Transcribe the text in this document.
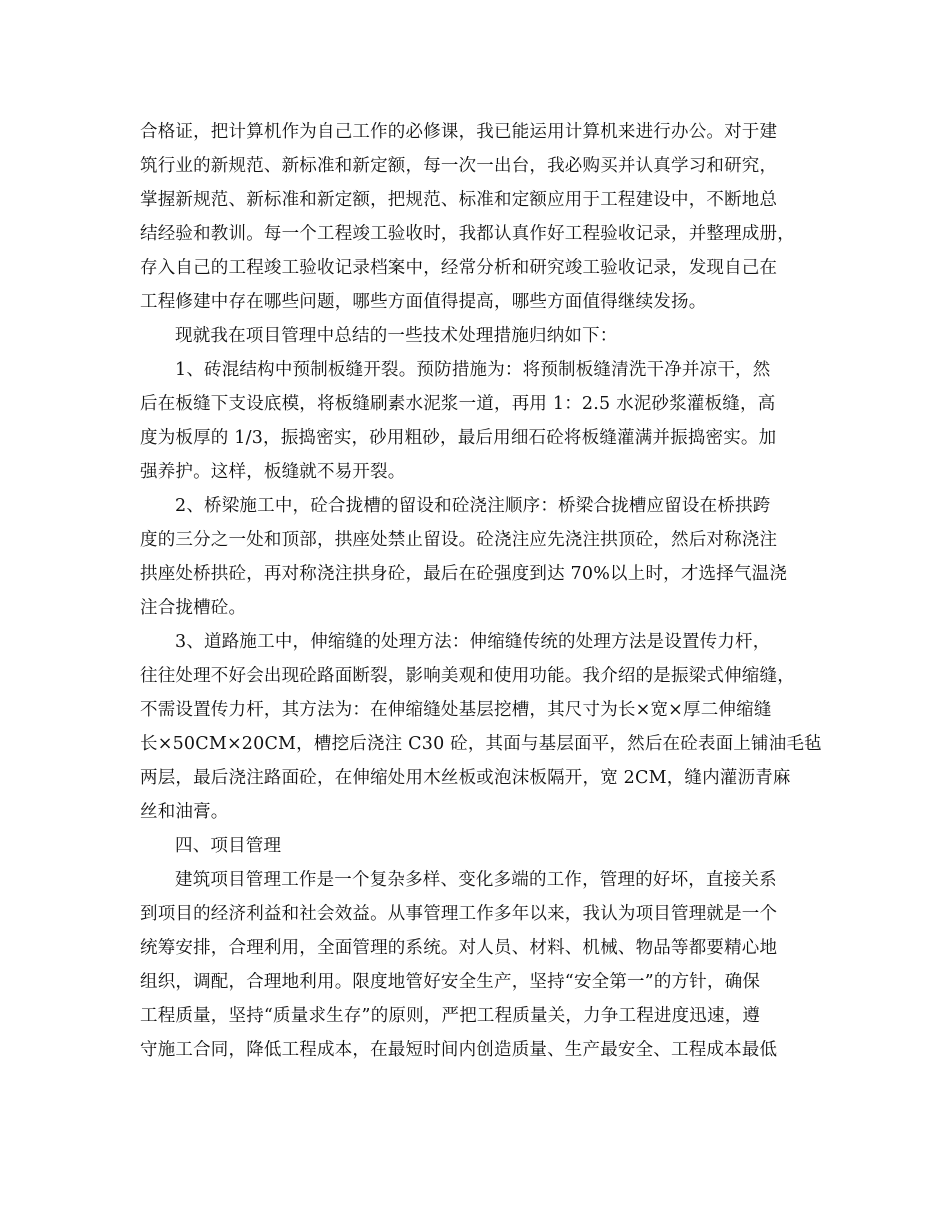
合格证，把计算机作为自己工作的必修课，我已能运用计算机来进行办公。对于建
筑行业的新规范、新标准和新定额，每一次一出台，我必购买并认真学习和研究，
掌握新规范、新标准和新定额，把规范、标准和定额应用于工程建设中，不断地总
结经验和教训。每一个工程竣工验收时，我都认真作好工程验收记录，并整理成册，
存入自己的工程竣工验收记录档案中，经常分析和研究竣工验收记录，发现自己在
工程修建中存在哪些问题，哪些方面值得提高，哪些方面值得继续发扬。
现就我在项目管理中总结的一些技术处理措施归纳如下：
1、砖混结构中预制板缝开裂。预防措施为：将预制板缝清洗干净并凉干，然
后在板缝下支设底模，将板缝刷素水泥浆一道，再用 1：2.5 水泥砂浆灌板缝，高
度为板厚的 1/3，振捣密实，砂用粗砂，最后用细石砼将板缝灌满并振捣密实。加
强养护。这样，板缝就不易开裂。
2、桥梁施工中，砼合拢槽的留设和砼浇注顺序：桥梁合拢槽应留设在桥拱跨
度的三分之一处和顶部，拱座处禁止留设。砼浇注应先浇注拱顶砼，然后对称浇注
拱座处桥拱砼，再对称浇注拱身砼，最后在砼强度到达 70%以上时，才选择气温浇
注合拢槽砼。
3、道路施工中，伸缩缝的处理方法：伸缩缝传统的处理方法是设置传力杆，
往往处理不好会出现砼路面断裂，影响美观和使用功能。我介绍的是振梁式伸缩缝，
不需设置传力杆，其方法为：在伸缩缝处基层挖槽，其尺寸为长×宽×厚二伸缩缝
长×50CM×20CM，槽挖后浇注 C30 砼，其面与基层面平，然后在砼表面上铺油毛毡
两层，最后浇注路面砼，在伸缩处用木丝板或泡沫板隔开，宽 2CM，缝内灌沥青麻
丝和油膏。
四、项目管理
建筑项目管理工作是一个复杂多样、变化多端的工作，管理的好坏，直接关系
到项目的经济利益和社会效益。从事管理工作多年以来，我认为项目管理就是一个
统筹安排，合理利用，全面管理的系统。对人员、材料、机械、物品等都要精心地
组织，调配，合理地利用。限度地管好安全生产，坚持“安全第一”的方针，确保
工程质量，坚持“质量求生存”的原则，严把工程质量关，力争工程进度迅速，遵
守施工合同，降低工程成本，在最短时间内创造质量、生产最安全、工程成本最低
